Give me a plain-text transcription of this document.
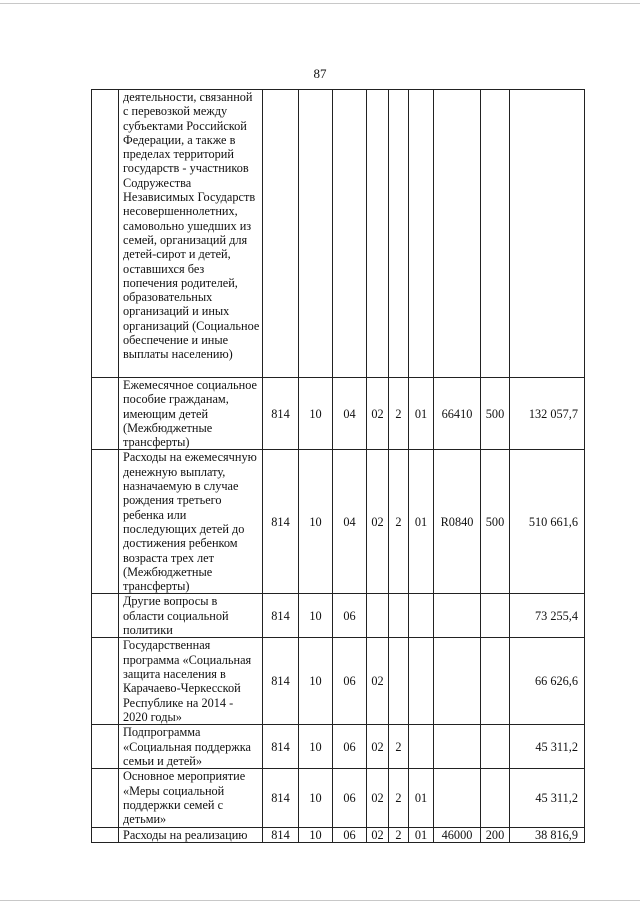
87
	деятельности, связанной с перевозкой между субъектами Российской Федерации, а также в пределах территорий государств - участников Содружества Независимых Государств несовершеннолетних, самовольно ушедших из семей, организаций для детей-сирот и детей, оставшихся без попечения родителей, образовательных организаций и иных организаций (Социальное обеспечение и иные выплаты населению)									
	Ежемесячное социальное пособие гражданам, имеющим детей (Межбюджетные трансферты)	814	10	04	02	2	01	66410	500	132 057,7
	Расходы на ежемесячную денежную выплату, назначаемую в случае рождения третьего ребенка или последующих детей до достижения ребенком возраста трех лет (Межбюджетные трансферты)	814	10	04	02	2	01	R0840	500	510 661,6
	Другие вопросы в области социальной политики	814	10	06						73 255,4
	Государственная программа «Социальная защита населения в Карачаево-Черкесской Республике на 2014 - 2020 годы»	814	10	06	02					66 626,6
	Подпрограмма «Социальная поддержка семьи и детей»	814	10	06	02	2				45 311,2
	Основное мероприятие «Меры социальной поддержки семей с детьми»	814	10	06	02	2	01			45 311,2
	Расходы на реализацию	814	10	06	02	2	01	46000	200	38 816,9
